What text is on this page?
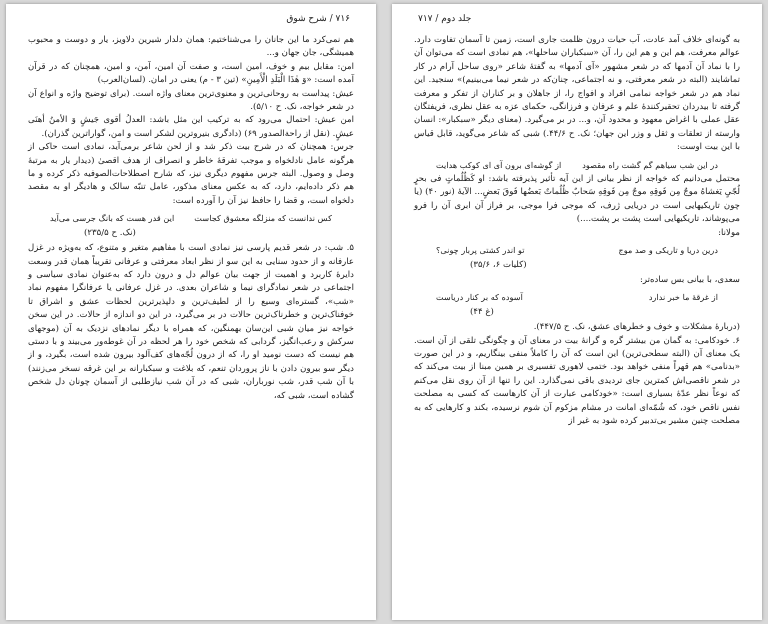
۷۱۶ / شرح شوق

هم نمی‌کرد ما این جانان را می‌شناختیم: همان دلدار شیرین دلاویز، یار و دوست و محبوب همیشگی، جان جهان و...

امن: مقابل بیم و خوف، امین است، و صفت آن امین، آمن، و امین، همچنان که در قرآن آمده است: «وَ هٰذَا الْبَلَدِ الْأَمِینِ» (تین ۳ - م) یعنی در امان. (لسان‌العرب)

عیش: پیداست به روحانی‌ترین و معنوی‌ترین معنای واژه است. (برای توضیح واژه و انواع آن در شعر خواجه، نک. ح ۵/۱۰).

امن عیش: احتمال می‌رود که به ترکیب این مثل باشد: العدلُ أقوی جَیشٍ وَ الأمنُ أهنَی عیشٍ. (نقل از راحة‌الصدور ۶۹) (دادگری بنیرو‌ترین لشکر است و امن، گواراترین گذران).

جرس: همچنان که در شرح بیت ذکر شد و از لحن شاعر برمی‌آید، نمادی است حاکی از هرگونه عامل نادلخواه و موجب تفرقهٔ خاطر و انصراف از هدف اقصیٰ (دیدار یار به مرتبهٔ وصل و وصول. البته جرس مفهوم دیگری نیز، که شارح اصطلاحات‌الصوفیه ذکر کرده و ما هم ذکر داده‌ایم، دارد، که به عکس معنای مذکور، عامل تنبّه سالک و هادیگر او به مقصد دلخواه است، و قضا را حافظ نیز آن را آورده است:

کس ندانست که منزلگه معشوق کجاست
این قدر هست که بانگ جرسی می‌آید
(نک. ح ۲۳۵/۵)

۵. شب: در شعر قدیم پارسی نیز نمادی است با مفاهیم متغیر و متنوع، که به‌ویژه در غزل عارفانه و از حدود سنایی به این سو از نظر ابعاد معرفتی و عرفانی تقریباً همان قدر وسعت دایرهٔ کاربرد و اهمیت از جهت بیان عوالم دل و درون دارد که به‌عنوان نمادی سیاسی و اجتماعی در شعر نمادگرای نیما و شاعران بعدی. در غزل عرفانی یا عرفانگرا مفهوم نماد «شب»، گستره‌ای وسیع را از لطیف‌ترین و دلپذیرترین لحظات عشق و اشراق تا خوفناک‌ترین و خطرناک‌ترین حالات در بر می‌گیرد، در این دو اندازه از حالات. در این سخن خواجه نیز میان شبی این‌سان بهمنگین، که همراه با دیگر نمادهای نزدیک به آن (موجهای سرکش و رعب‌انگیز، گردابی که شخص خود را هر لحظه در آن غوطه‌ور می‌بیند و با دستی هم نیست که دست نومید او را، که از درون لُجّه‌های کف‌آلود بیرون شده است، بگیرد، و از دیگر سو بیرون دادن با ناز پروردان تنعم، که بلاغت و سبکبارانه بر این غرقه نسخر می‌زنند) با آن شب قدر، شب نورباران، شبی که در آن شب نیازطلبی از آسمان چونان دل شخص گشاده است، شبی که،

جلد دوم / ۷۱۷

به گونه‌ای خلاف آمد عادت، آب حیات درون ظلمت جاری است، زمین تا آسمان تفاوت دارد. عوالم معرفت، هم این و هم این را، آن «سبکباران ساحلها»، هم نمادی است که می‌توان آن را با نماد آن آدمها که در شعر مشهور «آی آدمها» به گفتهٔ شاعر «روی ساحل آرام در کار تماشایند (البته در شعر معرفتی، و نه اجتماعی، چنان‌که در شعر نیما می‌بینیم)» سنجید. این نماد هم در شعر خواجه نمامی افراد و افواج را، از جاهلان و بر کناران از تفکر و معرفت گرفته تا بیدردان تحقیرکنندهٔ علم و عرفان و فرزانگی، حکمای عزه به عقل نظری، فریفتگان عقل عملی با اغراض معهود و محدود آن، و... در بر می‌گیرد. (معنای دیگر «سبکبار»: انسان وارسته از تعلقات و ثقل و وزر این جهان؛ نک. ح ۴۴/۶.) شبی که شاعر می‌گوید، قابل قیاس با این بیت اوست:

در این شب سیاهم گم گشت راه مقصود
از گوشه‌ای برون آی ای کوکب هدایت

محتمل می‌دانیم که خواجه از نظر بیانی از این آیه تأثیر پذیرفته باشد: او کَظُلُماتٍ فی بحرٍ لُجّیٍ یَغشاهُ موجٌ مِن فَوقِهِ موجٌ مِن فَوقِهِ سَحابٌ ظُلُماتٌ بَعضُها فَوقَ بَعضٍ... الآیهٔ (نور ۴۰) (یا چون تاریکیهایی است در دریایی ژرف، که موجی فرا موجی، بر فراز آن ابری آن را فرو می‌پوشاند، تاریکیهایی است پشت بر پشت....)

مولانا:

درین دریا و تاریکی و صد موج
تو اندر کشتی پربار چونی؟
(کلیات ۶، ۳۵/۶)

سعدی، با بیانی بس ساده‌تر:

از غرقهٔ ما خبر ندارد
آسوده که بر کنار دریاست
(غ ۴۴)

(دربارهٔ مشکلات و خوف و خطرهای عشق، نک. ح ۴۴۷/۵).

۶. خودکامی: به گمان من بیشتر گره و گرانهٔ بیت در معنای آن و چگونگی تلقی از آن است. یک معنای آن (البته سطحی‌ترین) این است که آن را کاملاً منفی بینگاریم، و در این صورت «بدنامی» هم قهراً منفی خواهد بود. ختمی لاهوری تفسیری بر همین مبنا از بیت می‌کند که در شعر ناقصی‌اش کمترین جای تردیدی باقی نمی‌گذارد. این را تنها از آن روی نقل می‌کنم که نوعاً نظر عدّهٔ بسیاری است: «خودکامی عبارت از آن کارهاست که کسی به مصلحت نفس ناقص خود، که شُمّه‌ای امانت در مشام مزکوم آن شوم نرسیده، بکند و کارهایی که به مصلحت چنین مشیر بی‌تدبیر کرده شود به غیر از
